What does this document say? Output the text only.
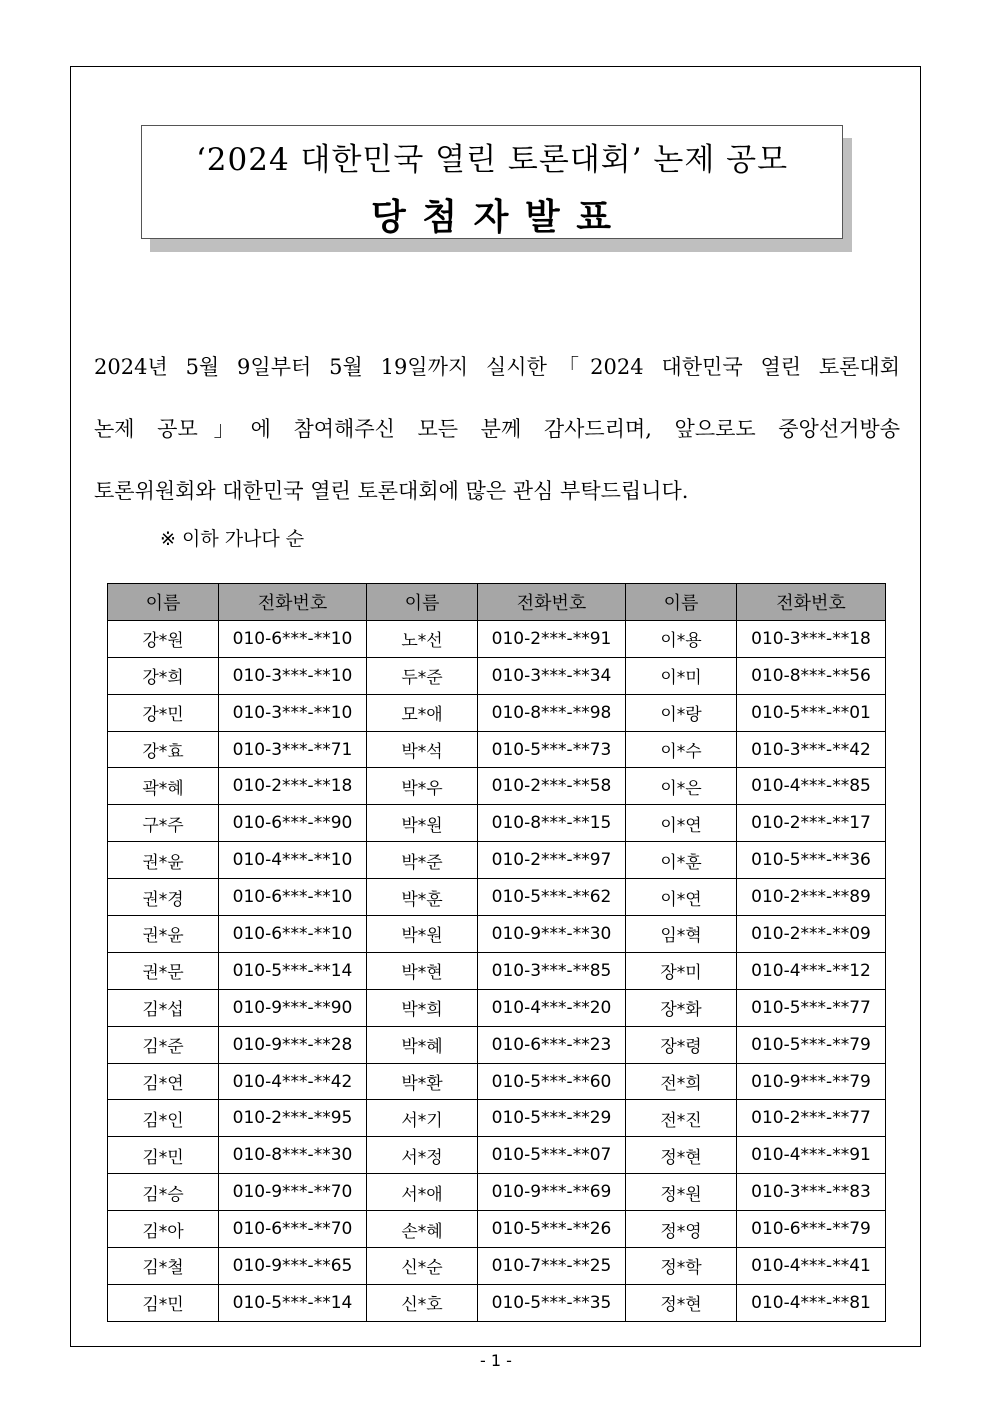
‘2024 대한민국 열린 토론대회’ 논제 공모
당 첨 자 발 표
2024년 5월 9일부터 5월 19일까지 실시한「2024 대한민국 열린 토론대회
논제 공모」에 참여해주신 모든 분께 감사드리며, 앞으로도 중앙선거방송
토론위원회와 대한민국 열린 토론대회에 많은 관심 부탁드립니다.
※ 이하 가나다 순
이름	전화번호	이름	전화번호	이름	전화번호
강*원	010-6***-**10	노*선	010-2***-**91	이*용	010-3***-**18
강*희	010-3***-**10	두*준	010-3***-**34	이*미	010-8***-**56
강*민	010-3***-**10	모*애	010-8***-**98	이*랑	010-5***-**01
강*효	010-3***-**71	박*석	010-5***-**73	이*수	010-3***-**42
곽*혜	010-2***-**18	박*우	010-2***-**58	이*은	010-4***-**85
구*주	010-6***-**90	박*원	010-8***-**15	이*연	010-2***-**17
권*윤	010-4***-**10	박*준	010-2***-**97	이*훈	010-5***-**36
권*경	010-6***-**10	박*훈	010-5***-**62	이*연	010-2***-**89
권*윤	010-6***-**10	박*원	010-9***-**30	임*혁	010-2***-**09
권*문	010-5***-**14	박*현	010-3***-**85	장*미	010-4***-**12
김*섭	010-9***-**90	박*희	010-4***-**20	장*화	010-5***-**77
김*준	010-9***-**28	박*혜	010-6***-**23	장*령	010-5***-**79
김*연	010-4***-**42	박*환	010-5***-**60	전*희	010-9***-**79
김*인	010-2***-**95	서*기	010-5***-**29	전*진	010-2***-**77
김*민	010-8***-**30	서*정	010-5***-**07	정*현	010-4***-**91
김*승	010-9***-**70	서*애	010-9***-**69	정*원	010-3***-**83
김*아	010-6***-**70	손*혜	010-5***-**26	정*영	010-6***-**79
김*철	010-9***-**65	신*순	010-7***-**25	정*학	010-4***-**41
김*민	010-5***-**14	신*호	010-5***-**35	정*현	010-4***-**81
- 1 -
